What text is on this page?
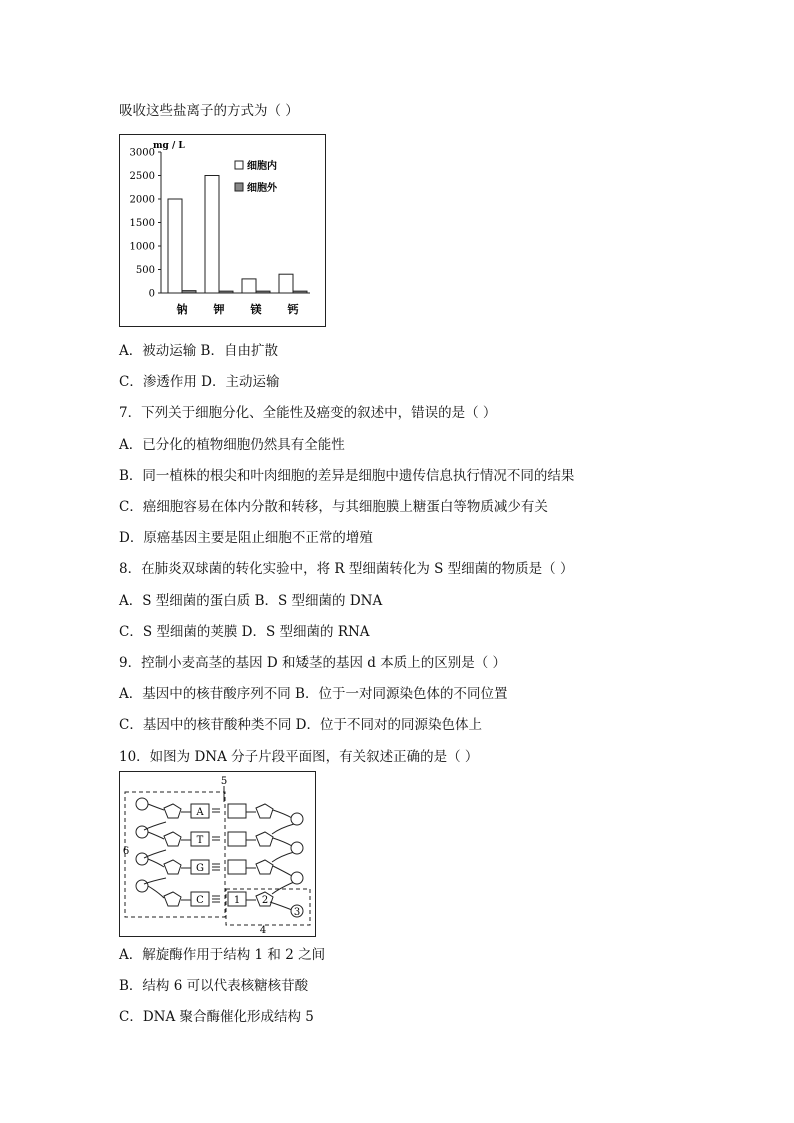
吸收这些盐离子的方式为（ ）
mg / L
0
500
1000
1500
2000
2500
3000
钠 钾 镁 钙
细胞内
细胞外
A．被动运输 B．自由扩散
C．渗透作用 D．主动运输
7．下列关于细胞分化、全能性及癌变的叙述中，错误的是（ ）
A．已分化的植物细胞仍然具有全能性
B．同一植株的根尖和叶肉细胞的差异是细胞中遗传信息执行情况不同的结果
C．癌细胞容易在体内分散和转移，与其细胞膜上糖蛋白等物质减少有关
D．原癌基因主要是阻止细胞不正常的增殖
8．在肺炎双球菌的转化实验中，将 R 型细菌转化为 S 型细菌的物质是（ ）
A．S 型细菌的蛋白质 B．S 型细菌的 DNA
C．S 型细菌的荚膜 D．S 型细菌的 RNA
9．控制小麦高茎的基因 D 和矮茎的基因 d 本质上的区别是（ ）
A．基因中的核苷酸序列不同 B．位于一对同源染色体的不同位置
C．基因中的核苷酸种类不同 D．位于不同对的同源染色体上
10．如图为 DNA 分子片段平面图，有关叙述正确的是（ ）
A
T
G
C	1 2
3
4
5
6
A．解旋酶作用于结构 1 和 2 之间
B．结构 6 可以代表核糖核苷酸
C．DNA 聚合酶催化形成结构 5
